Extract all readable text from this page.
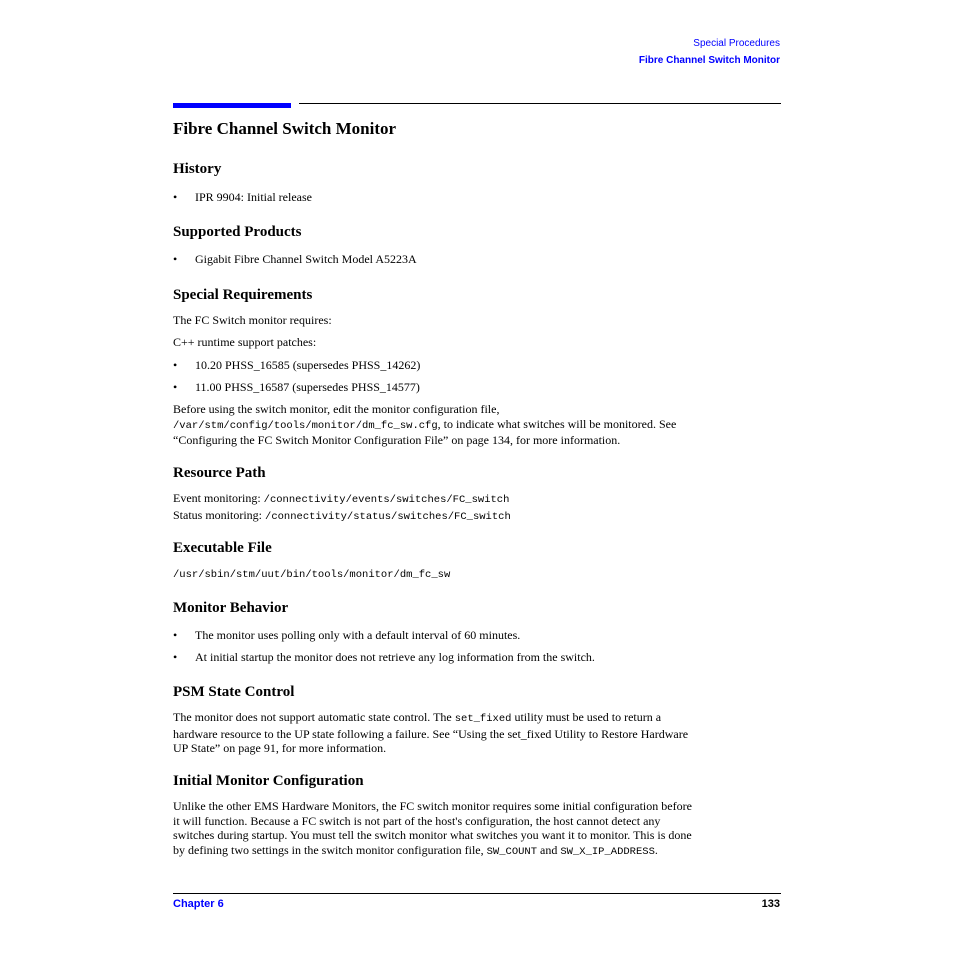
Special Procedures
Fibre Channel Switch Monitor
Fibre Channel Switch Monitor
History
• IPR 9904: Initial release
Supported Products
• Gigabit Fibre Channel Switch Model A5223A
Special Requirements

The FC Switch monitor requires:

C++ runtime support patches:

• 10.20 PHSS_16585 (supersedes PHSS_14262)
• 11.00 PHSS_16587 (supersedes PHSS_14577)

Before using the switch monitor, edit the monitor configuration file,
/var/stm/config/tools/monitor/dm_fc_sw.cfg, to indicate what switches will be monitored. See
“Configuring the FC Switch Monitor Configuration File” on page 134, for more information.

Resource Path

Event monitoring: /connectivity/events/switches/FC_switch
Status monitoring: /connectivity/status/switches/FC_switch

Executable File

/usr/sbin/stm/uut/bin/tools/monitor/dm_fc_sw

Monitor Behavior
• The monitor uses polling only with a default interval of 60 minutes.
• At initial startup the monitor does not retrieve any log information from the switch.
PSM State Control

The monitor does not support automatic state control. The set_fixed utility must be used to return a
hardware resource to the UP state following a failure. See “Using the set_fixed Utility to Restore Hardware
UP State” on page 91, for more information.

Initial Monitor Configuration

Unlike the other EMS Hardware Monitors, the FC switch monitor requires some initial configuration before
it will function. Because a FC switch is not part of the host's configuration, the host cannot detect any
switches during startup. You must tell the switch monitor what switches you want it to monitor. This is done
by defining two settings in the switch monitor configuration file, SW_COUNT and SW_X_IP_ADDRESS.

Chapter 6	133
